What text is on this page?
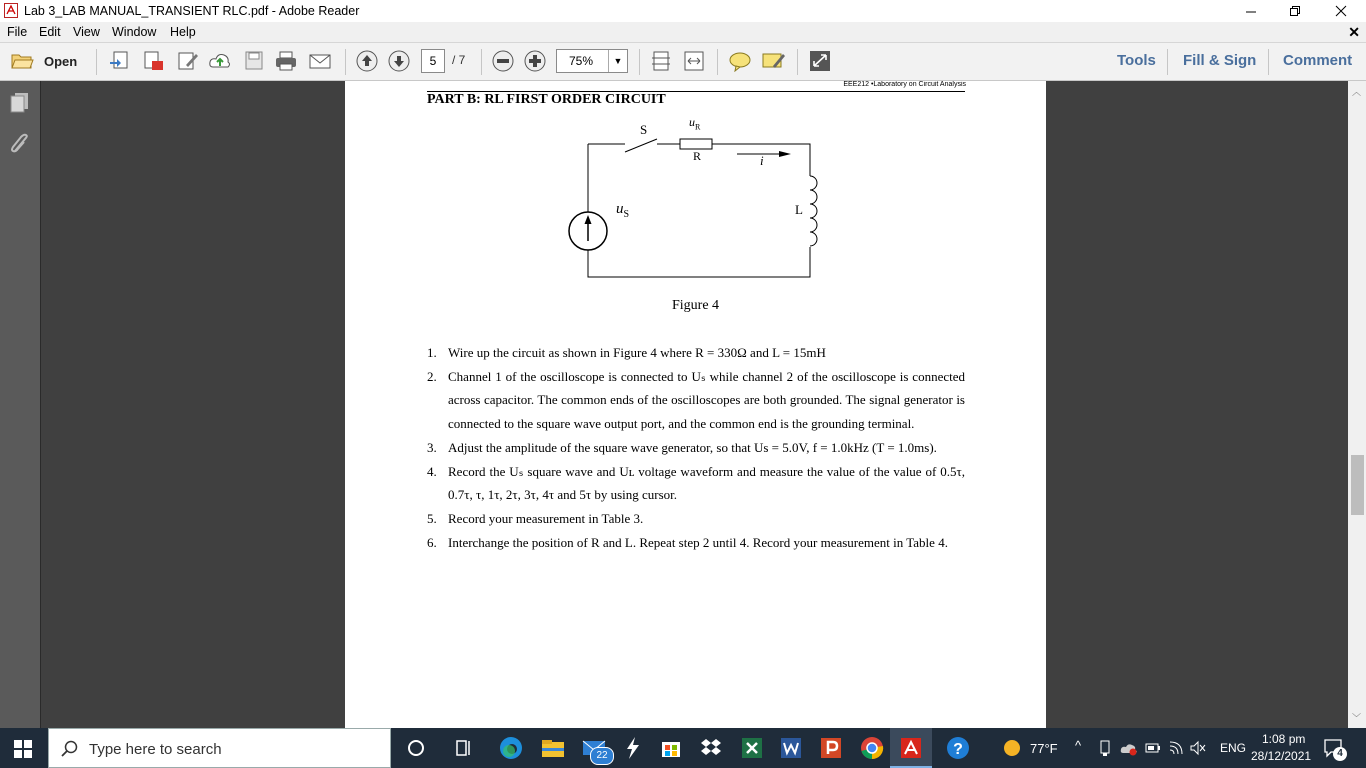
Lab 3_LAB MANUAL_TRANSIENT RLC.pdf - Adobe Reader
File Edit View Window Help	✕
Open	5	/ 7	75%	▼	Tools Fill & Sign Comment
EEE212 •Laboratory on Circuit Analysis
PART B: RL FIRST ORDER CIRCUIT
S	$u_R$
R	i
$u_S$	L
Figure 4
1. Wire up the circuit as shown in Figure 4 where R = 330Ω and L = 15mH
2. Channel 1 of the oscilloscope is connected to Uₛ while channel 2 of the oscilloscope is connected across capacitor. The common ends of the oscilloscopes are both grounded. The signal generator is connected to the square wave output port, and the common end is the grounding terminal.
3. Adjust the amplitude of the square wave generator, so that Us = 5.0V, f = 1.0kHz (T = 1.0ms).
4. Record the Uₛ square wave and Uʟ voltage waveform and measure the value of the value of 0.5τ, 0.7τ, τ, 1τ, 2τ, 3τ, 4τ and 5τ by using cursor.
5. Record your measurement in Table 3.
6. Interchange the position of R and L. Repeat step 2 until 4. Record your measurement in Table 4.
︿
﹀
Type here to search	22	?	77°F ^	ENG
1:08 pm
28/12/2021	4
